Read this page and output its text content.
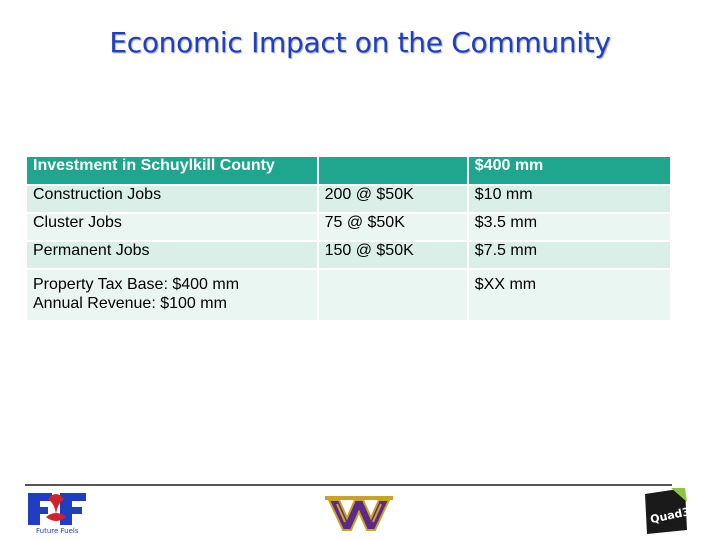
Economic Impact on the Community
Investment in Schuylkill County		$400 mm
Construction Jobs	200 @ $50K	$10 mm
Cluster Jobs	75 @ $50K	$3.5 mm
Permanent Jobs	150 @ $50K	$7.5 mm

Property Tax Base: $400 mm
Annual Revenue: $100 mm		$XX mm
Future Fuels
Quad3
